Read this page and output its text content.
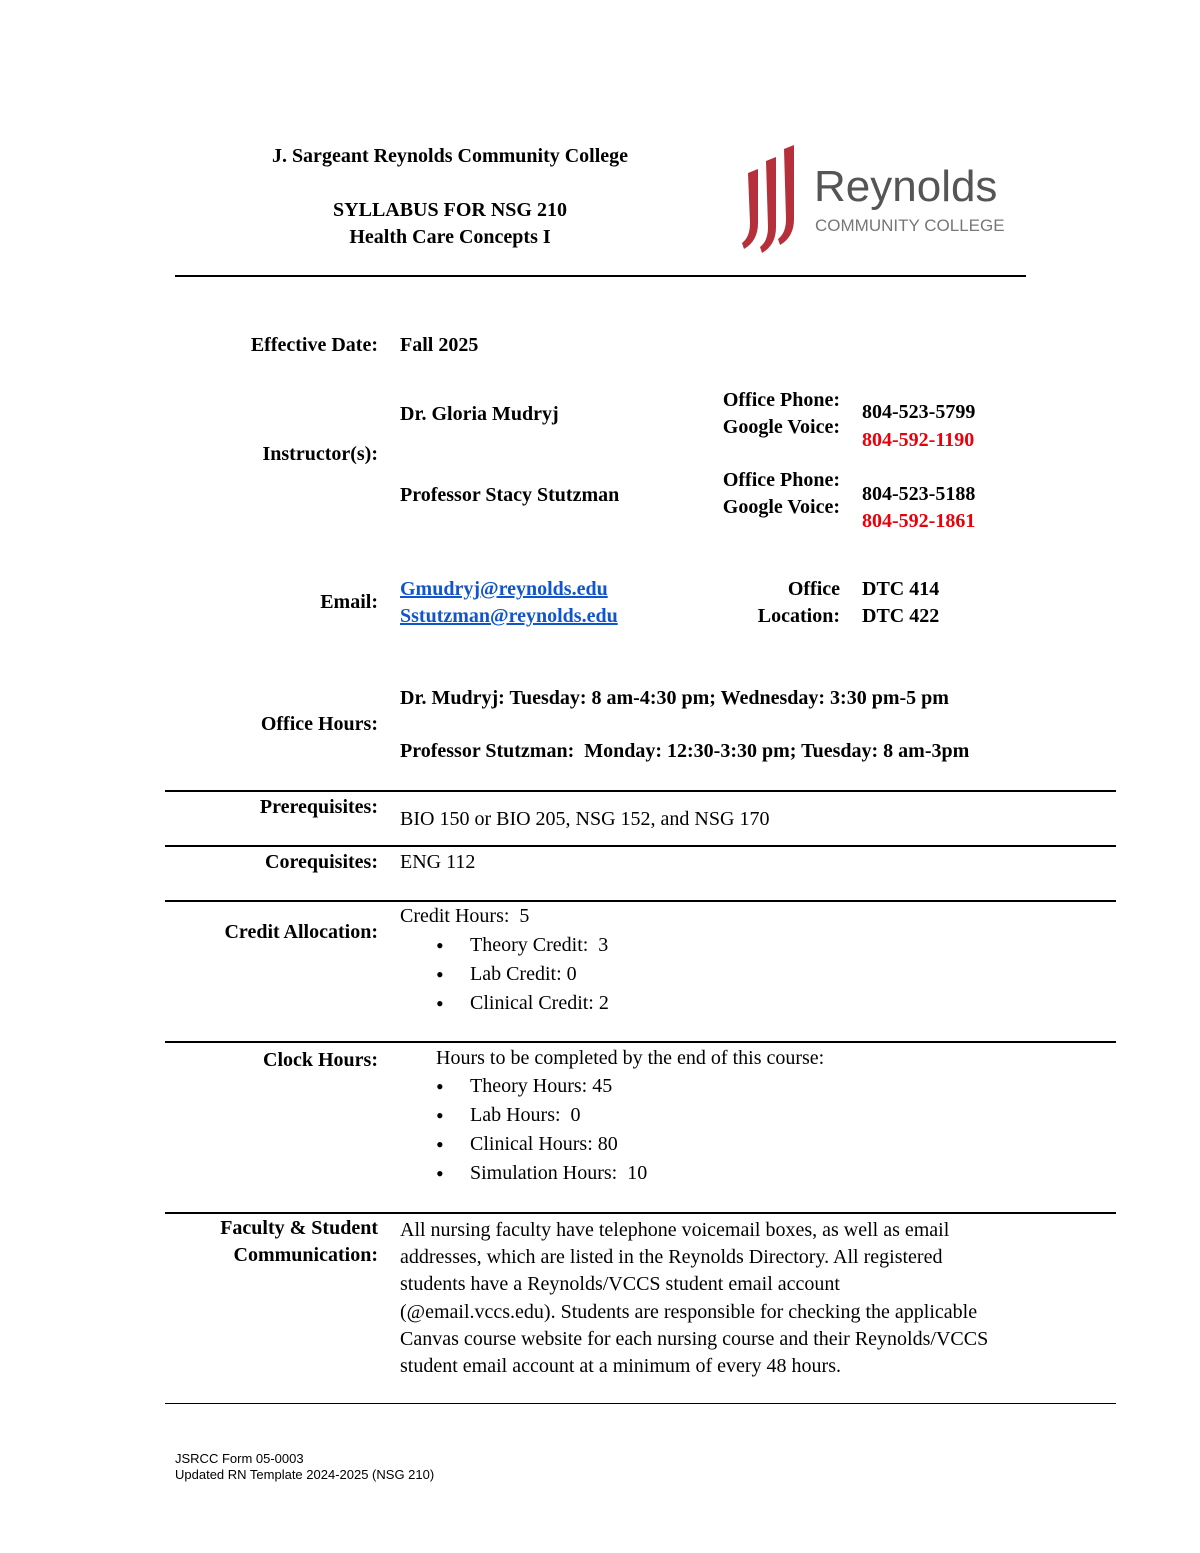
J. Sargeant Reynolds Community College
SYLLABUS FOR NSG 210
Health Care Concepts I
Reynolds
COMMUNITY COLLEGE
Effective Date: Fall 2025
Instructor(s):
Dr. Gloria Mudryj
Office Phone:
Google Voice:
804-523-5799
804-592-1190
Professor Stacy Stutzman
Office Phone:
Google Voice:
804-523-5188
804-592-1861
Email:
Gmudryj@reynolds.edu
Sstutzman@reynolds.edu
Office
Location:
DTC 414
DTC 422
Office Hours:
Dr. Mudryj: Tuesday: 8 am-4:30 pm; Wednesday: 3:30 pm-5 pm
Professor Stutzman:  Monday: 12:30-3:30 pm; Tuesday: 8 am-3pm
Prerequisites:
BIO 150 or BIO 205, NSG 152, and NSG 170
Corequisites: ENG 112
Credit Allocation:
Credit Hours:  5
• Theory Credit:  3
• Lab Credit: 0
• Clinical Credit: 2
Clock Hours:	Hours to be completed by the end of this course:
• Theory Hours: 45
• Lab Hours:  0
• Clinical Hours: 80
• Simulation Hours:  10
Faculty & Student
Communication:
All nursing faculty have telephone voicemail boxes, as well as email
addresses, which are listed in the Reynolds Directory. All registered
students have a Reynolds/VCCS student email account
(@email.vccs.edu). Students are responsible for checking the applicable
Canvas course website for each nursing course and their Reynolds/VCCS
student email account at a minimum of every 48 hours.
JSRCC Form 05-0003
Updated RN Template 2024-2025 (NSG 210)
